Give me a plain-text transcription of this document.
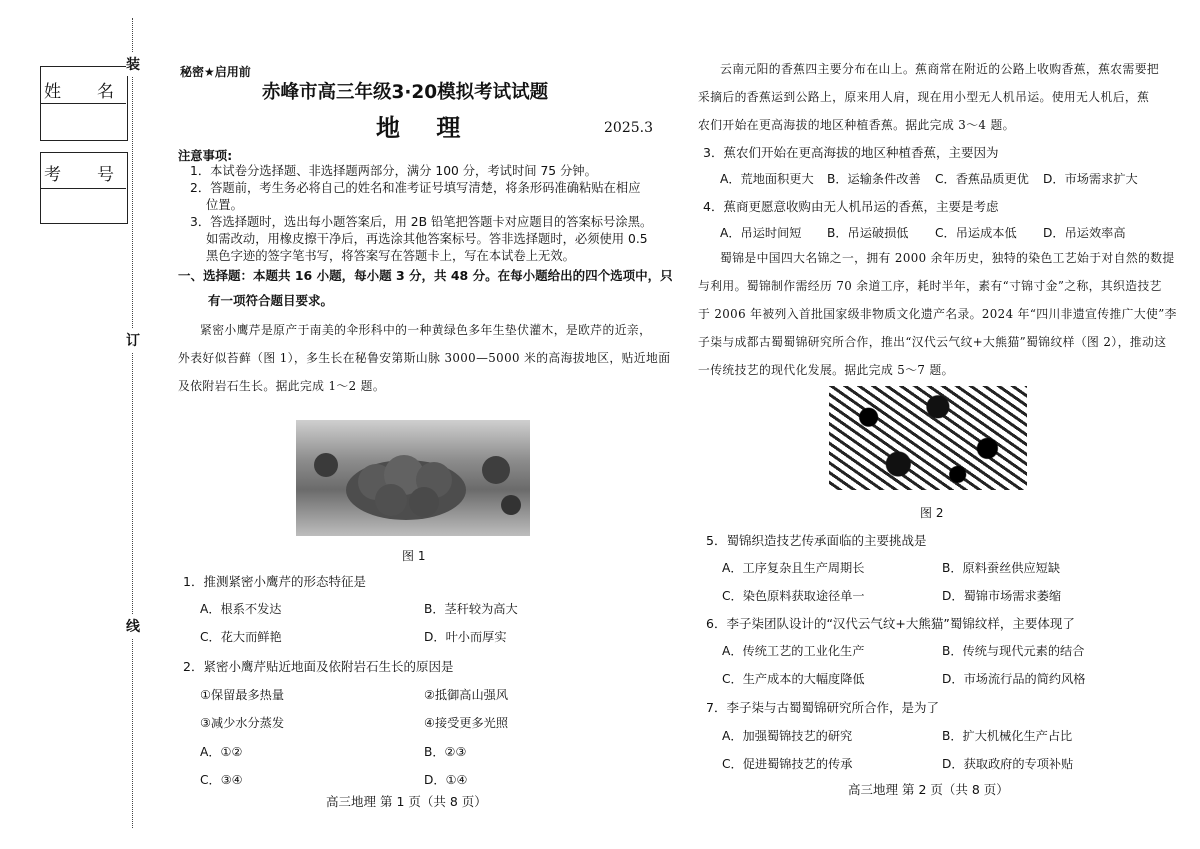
姓名
考号
装
订
线
秘密★启用前
赤峰市高三年级3·20模拟考试试题
地 理	2025.3
注意事项:
1．本试卷分选择题、非选择题两部分，满分 100 分，考试时间 75 分钟。
2．答题前，考生务必将自己的姓名和准考证号填写清楚，将条形码准确粘贴在相应
位置。
3．答选择题时，选出每小题答案后，用 2B 铅笔把答题卡对应题目的答案标号涂黑。
如需改动，用橡皮擦干净后，再选涂其他答案标号。答非选择题时，必须使用 0.5
黑色字迹的签字笔书写，将答案写在答题卡上，写在本试卷上无效。
一、选择题：本题共 16 小题，每小题 3 分，共 48 分。在每小题给出的四个选项中，只
有一项符合题目要求。
紧密小鹰芹是原产于南美的伞形科中的一种黄绿色多年生垫伏灌木，是欧芹的近亲，
外表好似苔藓（图 1），多生长在秘鲁安第斯山脉 3000—5000 米的高海拔地区，贴近地面
及依附岩石生长。据此完成 1～2 题。
图 1
1．推测紧密小鹰芹的形态特征是
A．根系不发达	B．茎秆较为高大
C．花大而鲜艳	D．叶小而厚实
2．紧密小鹰芹贴近地面及依附岩石生长的原因是
①保留最多热量	②抵御高山强风
③减少水分蒸发	④接受更多光照
A．①②	B．②③
C．③④	D．①④
高三地理 第 1 页（共 8 页）
云南元阳的香蕉四主要分布在山上。蕉商常在附近的公路上收购香蕉，蕉农需要把
采摘后的香蕉运到公路上，原来用人肩，现在用小型无人机吊运。使用无人机后，蕉
农们开始在更高海拔的地区种植香蕉。据此完成 3～4 题。
3．蕉农们开始在更高海拔的地区种植香蕉，主要因为
A．荒地面积更大 B．运输条件改善 C．香蕉品质更优 D．市场需求扩大
4．蕉商更愿意收购由无人机吊运的香蕉，主要是考虑
A．吊运时间短 B．吊运破损低 C．吊运成本低 D．吊运效率高
蜀锦是中国四大名锦之一，拥有 2000 余年历史，独特的染色工艺始于对自然的数提
与利用。蜀锦制作需经历 70 余道工序，耗时半年，素有“寸锦寸金”之称，其织造技艺
于 2006 年被列入首批国家级非物质文化遗产名录。2024 年“四川非遗宣传推广大使”李
子柒与成都古蜀蜀锦研究所合作，推出“汉代云气纹+大熊猫”蜀锦纹样（图 2），推动这
一传统技艺的现代化发展。据此完成 5～7 题。
图 2
5．蜀锦织造技艺传承面临的主要挑战是
A．工序复杂且生产周期长	B．原料蚕丝供应短缺
C．染色原料获取途径单一	D．蜀锦市场需求萎缩
6．李子柒团队设计的“汉代云气纹+大熊猫”蜀锦纹样，主要体现了
A．传统工艺的工业化生产	B．传统与现代元素的结合
C．生产成本的大幅度降低	D．市场流行品的简约风格
7．李子柒与古蜀蜀锦研究所合作，是为了
A．加强蜀锦技艺的研究	B．扩大机械化生产占比
C．促进蜀锦技艺的传承	D．获取政府的专项补贴
高三地理 第 2 页（共 8 页）
